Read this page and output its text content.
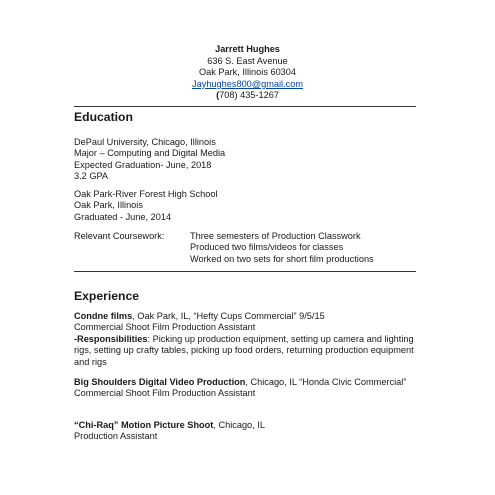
Jarrett Hughes
636 S. East Avenue
Oak Park, Illinois 60304
Jayhughes800@gmail.com
(708) 435-1267
Education
DePaul University, Chicago, Illinois
Major – Computing and Digital Media
Expected Graduation- June, 2018
3.2 GPA
Oak Park-River Forest High School
Oak Park, Illinois
Graduated - June, 2014
Relevant Coursework:	Three semesters of Production Classwork
Produced two films/videos for classes
Worked on two sets for short film productions
Experience

Condne films, Oak Park, IL, “Hefty Cups Commercial” 9/5/15

Commercial Shoot Film Production Assistant

-Responsibilities: Picking up production equipment, setting up camera and lighting rigs, setting up crafty tables, picking up food orders, returning production equipment and rigs

Big Shoulders Digital Video Production, Chicago, IL “Honda Civic Commercial”

Commercial Shoot Film Production Assistant

“Chi-Raq” Motion Picture Shoot, Chicago, IL

Production Assistant
